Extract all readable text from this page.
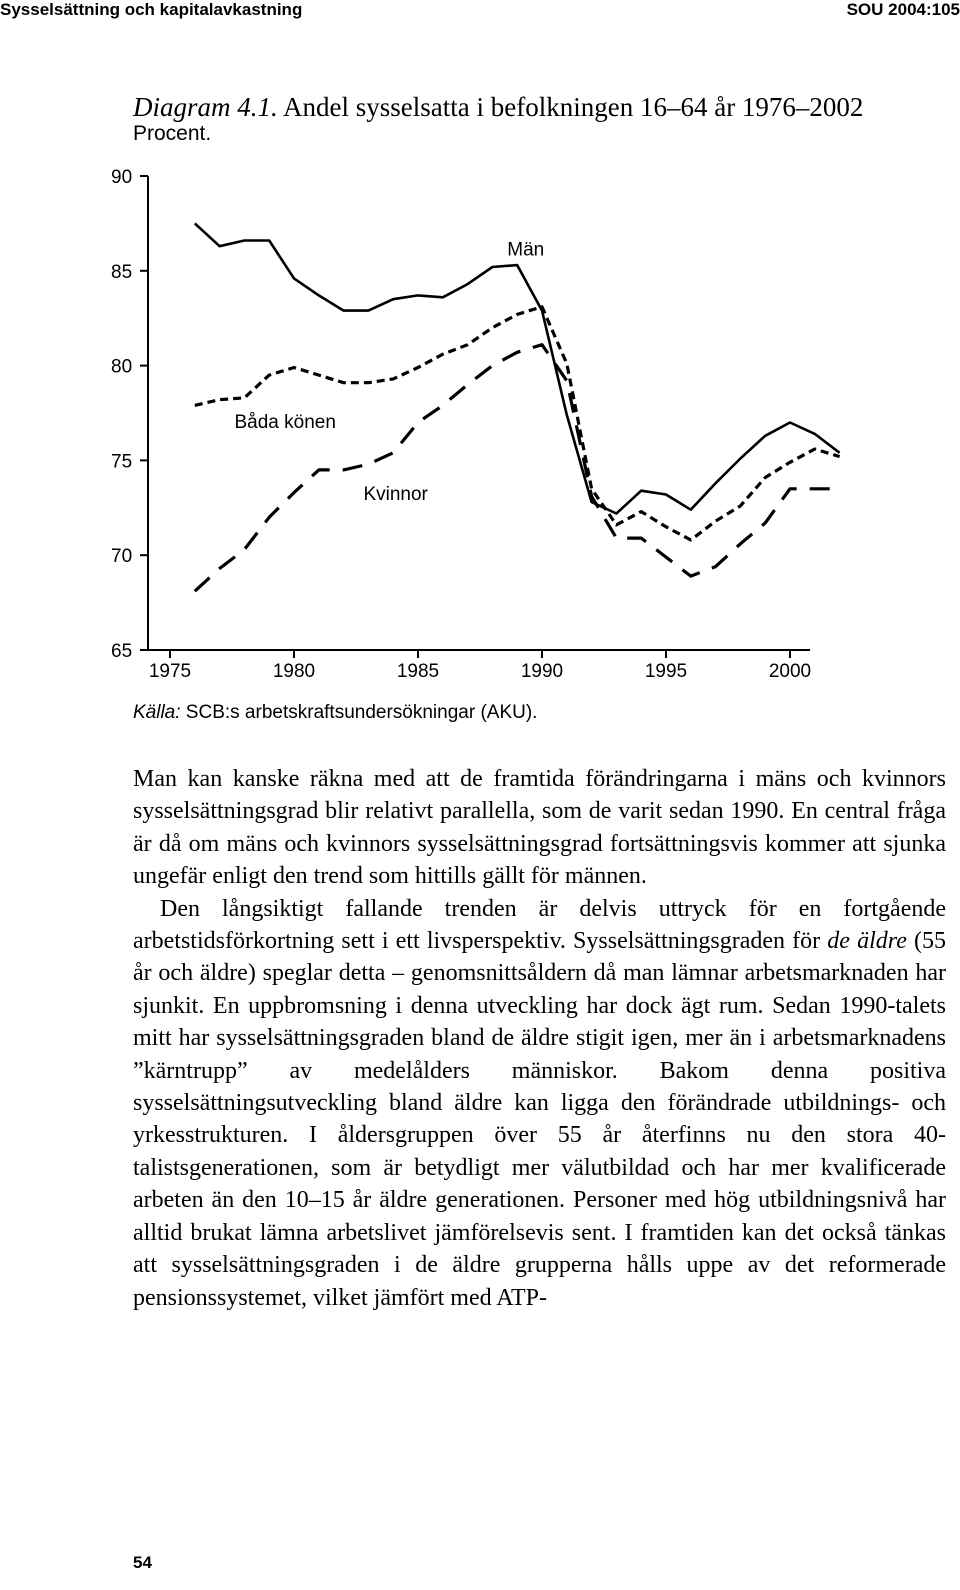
Sysselsättning och kapitalavkastning	SOU 2004:105
Diagram 4.1. Andel sysselsatta i befolkningen 16–64 år 1976–2002
Procent.
65
70
75
80
85
90
1975	1980	1985	1990	1995	2000
Män
Båda könen
Kvinnor
Källa: SCB:s arbetskraftsundersökningar (AKU).

Man kan kanske räkna med att de framtida förändringarna i mäns och kvinnors sysselsättningsgrad blir relativt parallella, som de varit sedan 1990. En central fråga är då om mäns och kvinnors sysselsättningsgrad fortsättningsvis kommer att sjunka ungefär enligt den trend som hittills gällt för männen.

Den långsiktigt fallande trenden är delvis uttryck för en fortgående arbetstidsförkortning sett i ett livsperspektiv. Sysselsättningsgraden för de äldre (55 år och äldre) speglar detta – genomsnittsåldern då man lämnar arbetsmarknaden har sjunkit. En uppbromsning i denna utveckling har dock ägt rum. Sedan 1990-talets mitt har sysselsättningsgraden bland de äldre stigit igen, mer än i arbetsmarknadens ”kärntrupp” av medelålders människor. Bakom denna positiva sysselsättningsutveckling bland äldre kan ligga den förändrade utbildnings- och yrkesstrukturen. I åldersgruppen över 55 år återfinns nu den stora 40-talistsgenerationen, som är betydligt mer välutbildad och har mer kvalificerade arbeten än den 10–15 år äldre generationen. Personer med hög utbildningsnivå har alltid brukat lämna arbetslivet jämförelsevis sent. I framtiden kan det också tänkas att sysselsättningsgraden i de äldre grupperna hålls uppe av det reformerade pensionssystemet, vilket jämfört med ATP-

54
